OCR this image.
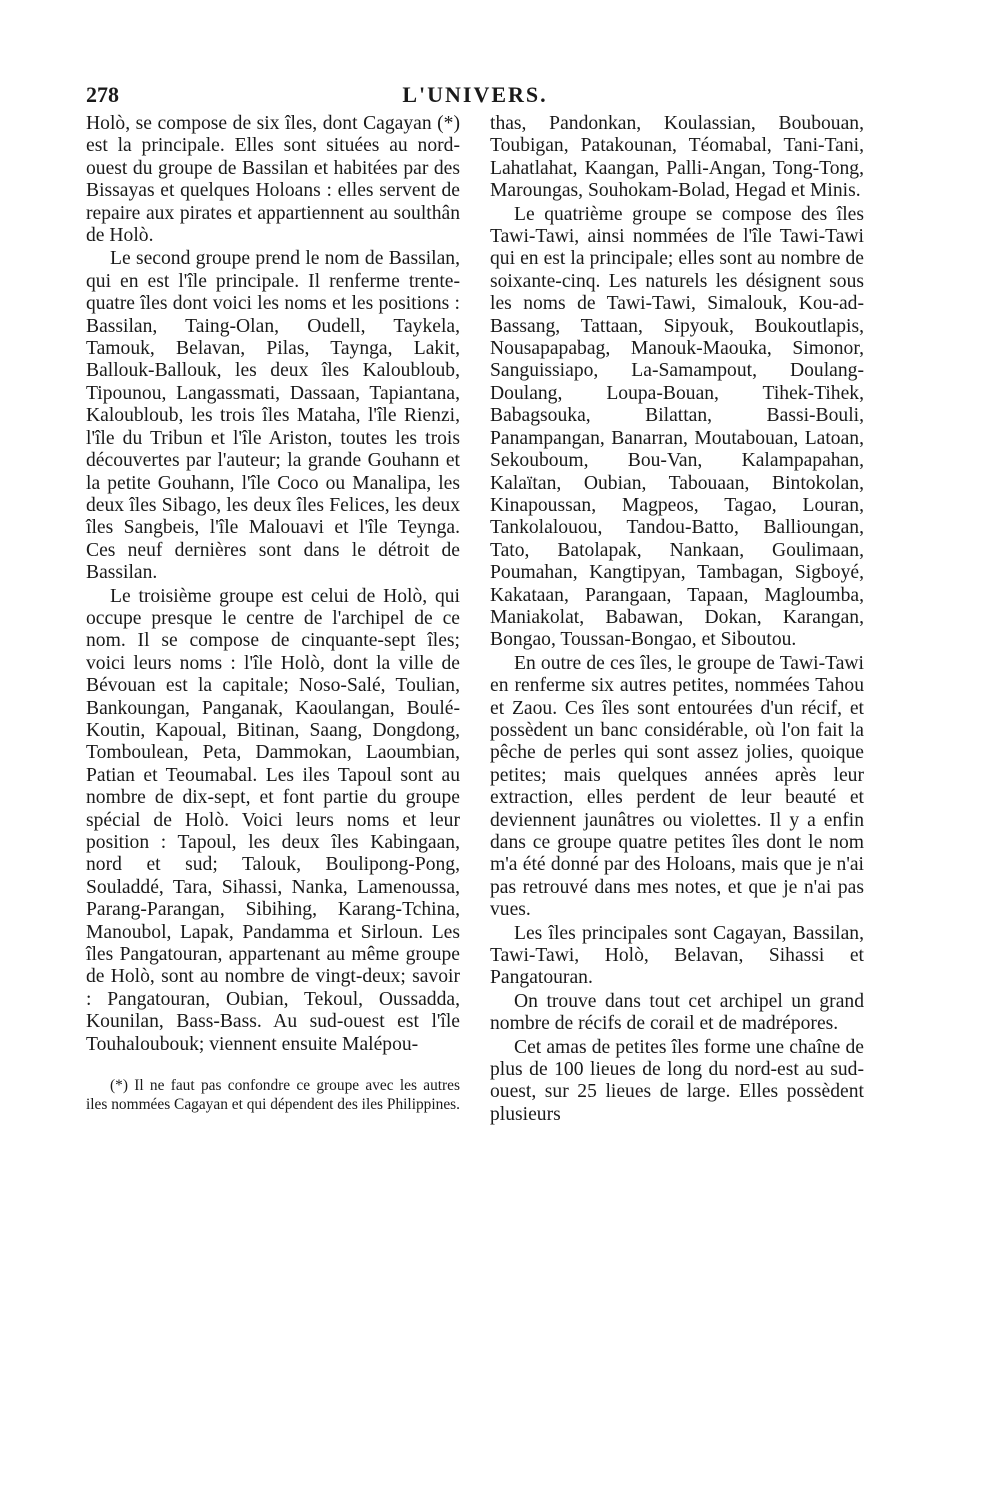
278	L'UNIVERS.

Holò, se compose de six îles, dont Cagayan (*) est la principale. Elles sont situées au nord-ouest du groupe de Bassilan et habitées par des Bissayas et quelques Holoans : elles servent de repaire aux pirates et appartiennent au soulthân de Holò.

Le second groupe prend le nom de Bassilan, qui en est l'île principale. Il renferme trente-quatre îles dont voici les noms et les positions : Bassilan, Taing-Olan, Oudell, Taykela, Tamouk, Belavan, Pilas, Taynga, Lakit, Ballouk-Ballouk, les deux îles Kaloubloub, Tipounou, Langassmati, Dassaan, Tapiantana, Kaloubloub, les trois îles Mataha, l'île Rienzi, l'île du Tribun et l'île Ariston, toutes les trois découvertes par l'auteur; la grande Gouhann et la petite Gouhann, l'île Coco ou Manalipa, les deux îles Sibago, les deux îles Felices, les deux îles Sangbeis, l'île Malouavi et l'île Teynga. Ces neuf dernières sont dans le détroit de Bassilan.

Le troisième groupe est celui de Holò, qui occupe presque le centre de l'archipel de ce nom. Il se compose de cinquante-sept îles; voici leurs noms : l'île Holò, dont la ville de Bévouan est la capitale; Noso-Salé, Toulian, Bankoungan, Panganak, Kaoulangan, Boulé-Koutin, Kapoual, Bitinan, Saang, Dongdong, Tomboulean, Peta, Dammokan, Laoumbian, Patian et Teoumabal. Les iles Tapoul sont au nombre de dix-sept, et font partie du groupe spécial de Holò. Voici leurs noms et leur position : Tapoul, les deux îles Kabingaan, nord et sud; Talouk, Boulipong-Pong, Souladdé, Tara, Sihassi, Nanka, Lamenoussa, Parang-Parangan, Sibihing, Karang-Tchina, Manoubol, Lapak, Pandamma et Sirloun. Les îles Pangatouran, appartenant au même groupe de Holò, sont au nombre de vingt-deux; savoir : Pangatouran, Oubian, Tekoul, Oussadda, Kounilan, Bass-Bass. Au sud-ouest est l'île Touhaloubouk; viennent ensuite Malépou-

(*) Il ne faut pas confondre ce groupe avec les autres iles nommées Cagayan et qui dépendent des iles Philippines.

thas, Pandonkan, Koulassian, Boubouan, Toubigan, Patakounan, Téomabal, Tani-Tani, Lahatlahat, Kaangan, Palli-Angan, Tong-Tong, Maroungas, Souhokam-Bolad, Hegad et Minis.

Le quatrième groupe se compose des îles Tawi-Tawi, ainsi nommées de l'île Tawi-Tawi qui en est la principale; elles sont au nombre de soixante-cinq. Les naturels les désignent sous les noms de Tawi-Tawi, Simalouk, Kou-ad-Bassang, Tattaan, Sipyouk, Boukoutlapis, Nousapapabag, Manouk-Maouka, Simonor, Sanguissiapo, La-Samampout, Doulang-Doulang, Loupa-Bouan, Tihek-Tihek, Babagsouka, Bilattan, Bassi-Bouli, Panampangan, Banarran, Moutabouan, Latoan, Sekouboum, Bou-Van, Kalampapahan, Kalaïtan, Oubian, Tabouaan, Bintokolan, Kinapoussan, Magpeos, Tagao, Louran, Tankolalouou, Tandou-Batto, Ballioungan, Tato, Batolapak, Nankaan, Goulimaan, Poumahan, Kangtipyan, Tambagan, Sigboyé, Kakataan, Parangaan, Tapaan, Magloumba, Maniakolat, Babawan, Dokan, Karangan, Bongao, Toussan-Bongao, et Siboutou.

En outre de ces îles, le groupe de Tawi-Tawi en renferme six autres petites, nommées Tahou et Zaou. Ces îles sont entourées d'un récif, et possèdent un banc considérable, où l'on fait la pêche de perles qui sont assez jolies, quoique petites; mais quelques années après leur extraction, elles perdent de leur beauté et deviennent jaunâtres ou violettes. Il y a enfin dans ce groupe quatre petites îles dont le nom m'a été donné par des Holoans, mais que je n'ai pas retrouvé dans mes notes, et que je n'ai pas vues.

Les îles principales sont Cagayan, Bassilan, Tawi-Tawi, Holò, Belavan, Sihassi et Pangatouran.

On trouve dans tout cet archipel un grand nombre de récifs de corail et de madrépores.

Cet amas de petites îles forme une chaîne de plus de 100 lieues de long du nord-est au sud-ouest, sur 25 lieues de large. Elles possèdent plusieurs
